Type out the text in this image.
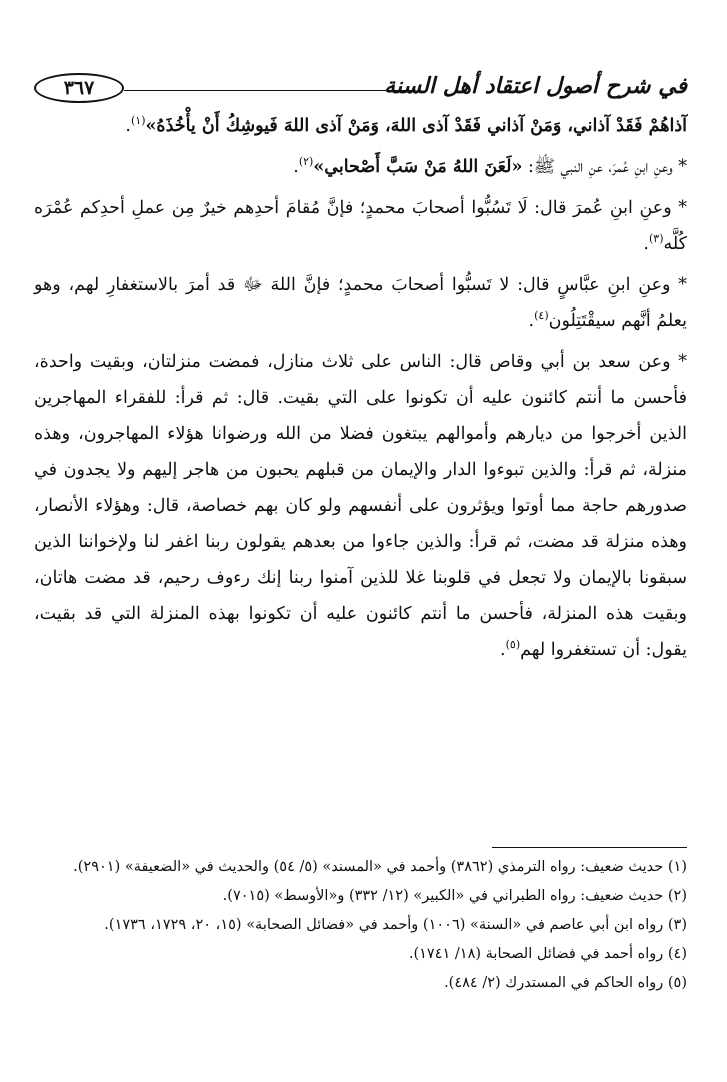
في شرح أصول اعتقاد أهل السنة
٣٦٧

آذاهُمْ فَقَدْ آذاني، وَمَنْ آذاني فَقَدْ آذى اللهَ، وَمَنْ آذى اللهَ فَيوشِكُ أَنْ يأْخُذَهُ»$^{(١)}$.

* وعنِ ابنِ عُمرَ، عنِ النبي ﷺ: «لَعَنَ اللهُ مَنْ سَبَّ أَصْحابي»$^{(٢)}$.

* وعنِ ابنِ عُمرَ قال: لَا تَسُبُّوا أصحابَ محمدٍ؛ فإنَّ مُقامَ أحدِهم خيرٌ مِن عملِ أحدِكم عُمْرَه كُلَّه$^{(٣)}$.

* وعنِ ابنِ عبَّاسٍ قال: لا تَسبُّوا أصحابَ محمدٍ؛ فإنَّ اللهَ ﷻ قد أمرَ بالاستغفارِ لهم، وهو يعلمُ أنَّهم سيقْتَتِلُون$^{(٤)}$.

* وعن سعد بن أبي وقاص قال: الناس على ثلاث منازل، فمضت منزلتان، وبقيت واحدة، فأحسن ما أنتم كائنون عليه أن تكونوا على التي بقيت. قال: ثم قرأ: للفقراء المهاجرين الذين أخرجوا من ديارهم وأموالهم يبتغون فضلا من الله ورضوانا هؤلاء المهاجرون، وهذه منزلة، ثم قرأ: والذين تبوءوا الدار والإيمان من قبلهم يحبون من هاجر إليهم ولا يجدون في صدورهم حاجة مما أوتوا ويؤثرون على أنفسهم ولو كان بهم خصاصة، قال: وهؤلاء الأنصار، وهذه منزلة قد مضت، ثم قرأ: والذين جاءوا من بعدهم يقولون ربنا اغفر لنا ولإخواننا الذين سبقونا بالإيمان ولا تجعل في قلوبنا غلا للذين آمنوا ربنا إنك رءوف رحيم، قد مضت هاتان، وبقيت هذه المنزلة، فأحسن ما أنتم كائنون عليه أن تكونوا بهذه المنزلة التي قد بقيت، يقول: أن تستغفروا لهم$^{(٥)}$.

(١) حديث ضعيف: رواه الترمذي (٣٨٦٢) وأحمد في «المسند» (٥/ ٥٤) والحديث في «الضعيفة» (٢٩٠١).

(٢) حديث ضعيف: رواه الطبراني في «الكبير» (١٢/ ٣٣٢) و«الأوسط» (٧٠١٥).

(٣) رواه ابن أبي عاصم في «السنة» (١٠٠٦) وأحمد في «فضائل الصحابة» (١٥، ٢٠، ١٧٢٩، ١٧٣٦).

(٤) رواه أحمد في فضائل الصحابة (١٨/ ١٧٤١).

(٥) رواه الحاكم في المستدرك (٢/ ٤٨٤).
